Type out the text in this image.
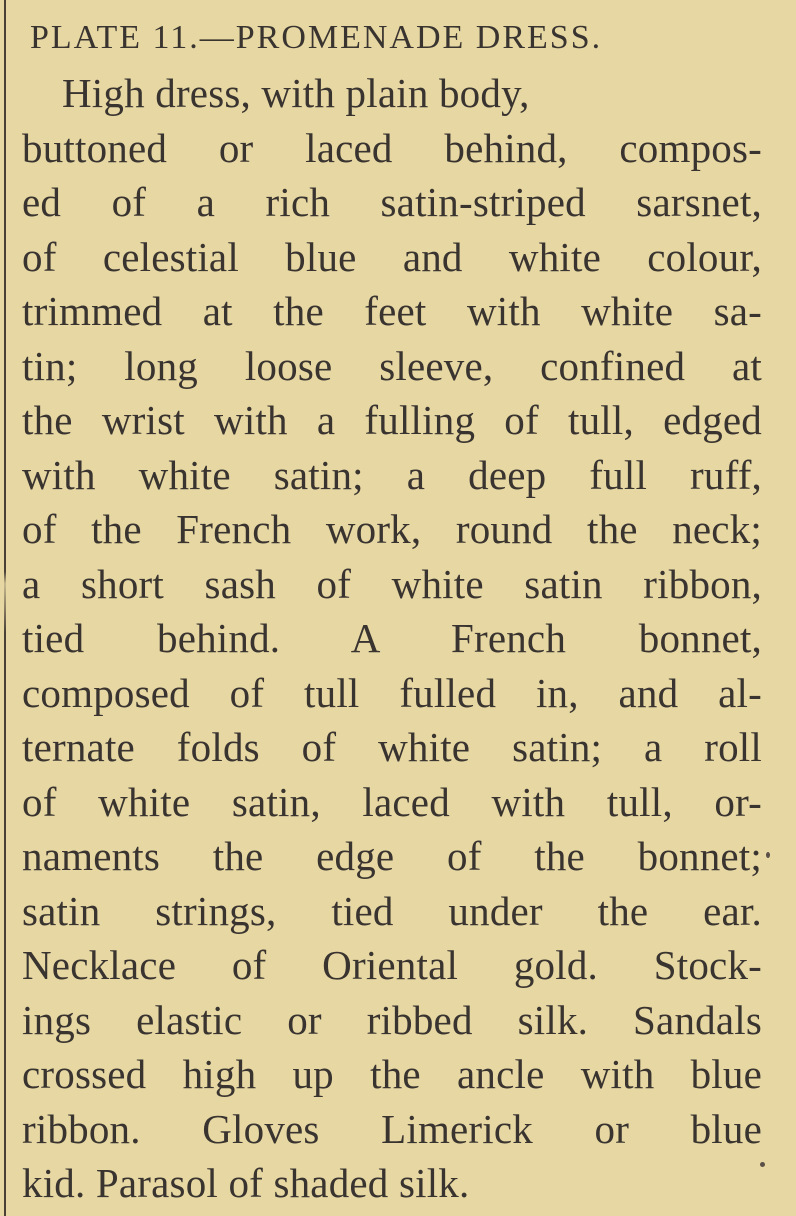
PLATE 11.—PROMENADE DRESS.
High dress, with plain body,
buttoned or laced behind, compos-
ed of a rich satin-striped sarsnet,
of celestial blue and white colour,
trimmed at the feet with white sa-
tin; long loose sleeve, confined at
the wrist with a fulling of tull, edged
with white satin; a deep full ruff,
of the French work, round the neck;
a short sash of white satin ribbon,
tied behind. A French bonnet,
composed of tull fulled in, and al-
ternate folds of white satin; a roll
of white satin, laced with tull, or-
naments the edge of the bonnet;
satin strings, tied under the ear.
Necklace of Oriental gold. Stock-
ings elastic or ribbed silk. Sandals
crossed high up the ancle with blue
ribbon. Gloves Limerick or blue
kid. Parasol of shaded silk.
